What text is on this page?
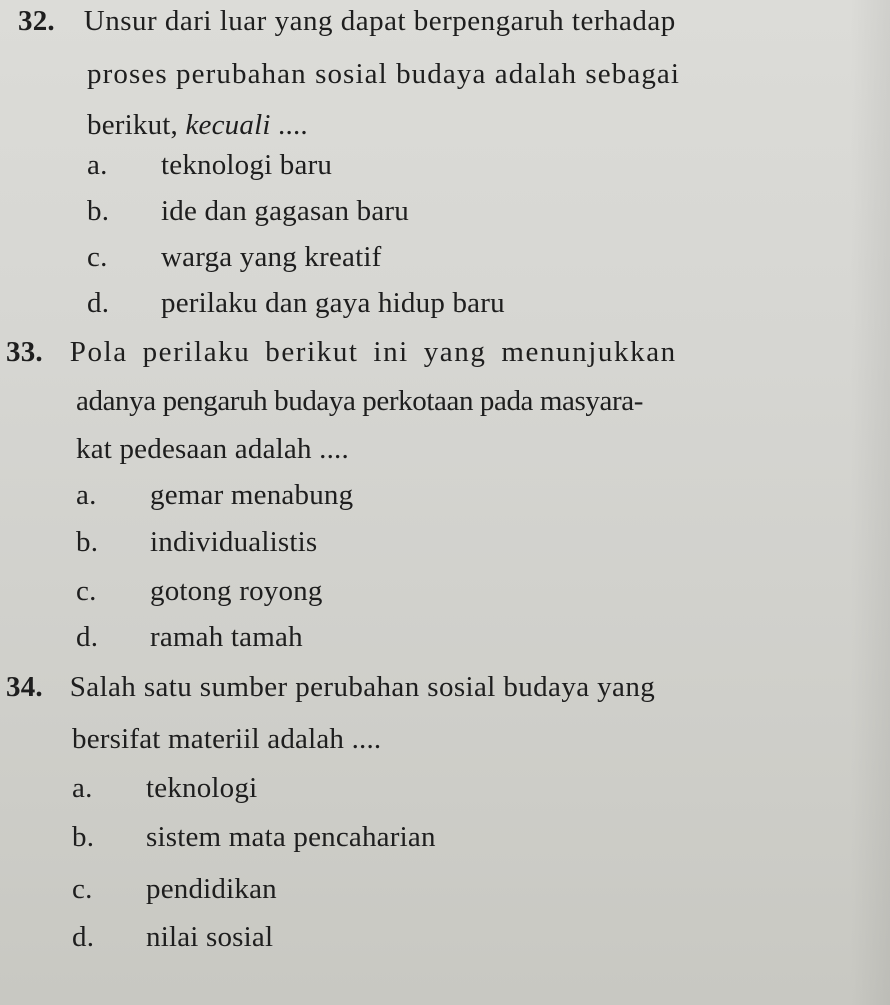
32. Unsur dari luar yang dapat berpengaruh terhadap
proses perubahan sosial budaya adalah sebagai
berikut, kecuali ....
a. teknologi baru
b. ide dan gagasan baru
c. warga yang kreatif
d. perilaku dan gaya hidup baru
33. Pola perilaku berikut ini yang menunjukkan
adanya pengaruh budaya perkotaan pada masyara-
kat pedesaan adalah ....
a. gemar menabung
b. individualistis
c. gotong royong
d. ramah tamah
34. Salah satu sumber perubahan sosial budaya yang
bersifat materiil adalah ....
a. teknologi
b. sistem mata pencaharian
c. pendidikan
d. nilai sosial
